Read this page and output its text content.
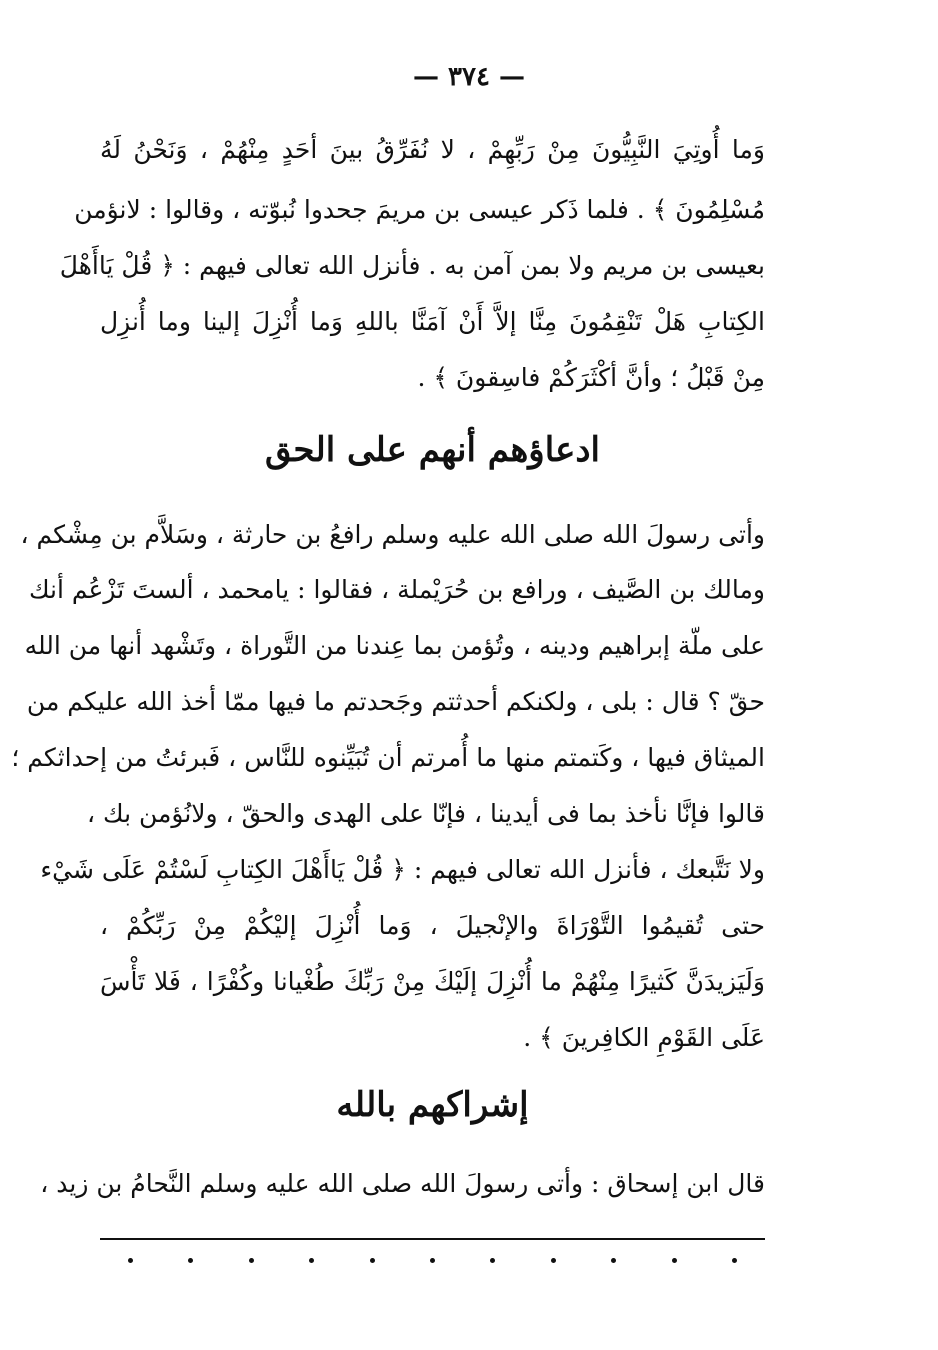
— ٣٧٤ —
وَما أُوتِيَ النَّبِيُّونَ مِنْ رَبِّهِمْ ، لا نُفَرِّقُ بينَ أحَدٍ مِنْهُمْ ، وَنَحْنُ لَهُ
مُسْلِمُونَ ﴾ . فلما ذَكر عيسى بن مريمَ جحدوا نُبوّته ، وقالوا : لانؤمن
بعيسى بن مريم ولا بمن آمن به . فأنزل الله تعالى فيهم : ﴿ قُلْ يَاأَهْلَ
الكِتابِ هَلْ تَنْقِمُونَ مِنَّا إلاَّ أَنْ آمَنَّا باللهِ وَما أُنْزِلَ إلينا وما أُنزِل
مِنْ قَبْلُ ؛ وأنَّ أكْثَرَكُمْ فاسِقونَ ﴾ .
ادعاؤهم أنهم على الحق
وأتى رسولَ الله صلى الله عليه وسلم رافعُ بن حارثة ، وسَلاَّم بن مِشْكم ،
ومالك بن الصَّيف ، ورافع بن حُرَيْملة ، فقالوا : يامحمد ، ألستَ تَزْعُم أنك
على ملّة إبراهيم ودينه ، وتُؤمن بما عِندنا من التَّوراة ، وتَشْهد أنها من الله
حقّ ؟ قال : بلى ، ولكنكم أحدثتم وجَحدتم ما فيها ممّا أخذ الله عليكم من
الميثاق فيها ، وكَتمتم منها ما أُمرتم أن تُبَيِّنوه للنَّاس ، فَبرئتُ من إحداثكم ؛
قالوا فإنَّا نأخذ بما فى أيدينا ، فإنّا على الهدى والحقّ ، ولانُؤمن بك ،
ولا نَتَّبعك ، فأنزل الله تعالى فيهم : ﴿ قُلْ يَاأَهْلَ الكِتابِ لَسْتُمْ عَلَى شَيْء
حتى تُقيمُوا التَّوْرَاةَ والإنْجيلَ ، وَما أُنْزِلَ إليْكُمْ مِنْ رَبِّكُمْ ،
وَلَيَزيدَنَّ كَثيرًا مِنْهُمْ ما أُنْزِلَ إلَيْكَ مِنْ رَبِّكَ طُغْيانا وكُفْرًا ، فَلا تَأْسَ
عَلَى القَوْمِ الكافِرينَ ﴾ .
إشراكهم بالله
قال ابن إسحاق : وأتى رسولَ الله صلى الله عليه وسلم النَّحامُ بن زيد ،
